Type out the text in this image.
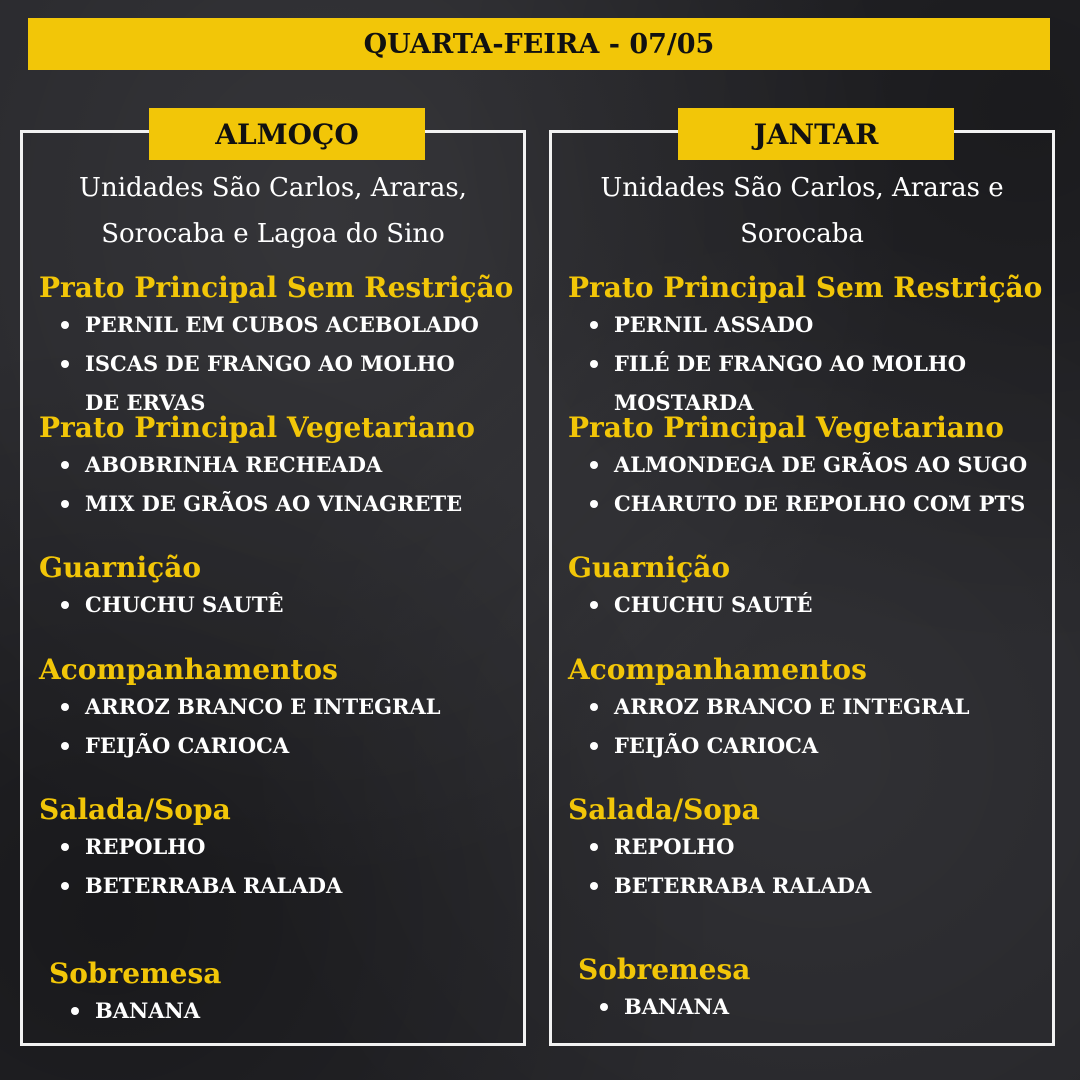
QUARTA-FEIRA - 07/05
ALMOÇO
Unidades São Carlos, Araras, Sorocaba e Lagoa do Sino
Prato Principal Sem Restrição
PERNIL EM CUBOS ACEBOLADO
ISCAS DE FRANGO AO MOLHO DE ERVAS
Prato Principal Vegetariano
ABOBRINHA RECHEADA
MIX DE GRÃOS AO VINAGRETE
Guarnição
CHUCHU SAUTÊ
Acompanhamentos
ARROZ BRANCO E INTEGRAL
FEIJÃO CARIOCA
Salada/Sopa
REPOLHO
BETERRABA RALADA
Sobremesa
BANANA
JANTAR
Unidades São Carlos, Araras e Sorocaba
Prato Principal Sem Restrição
PERNIL ASSADO
FILÉ DE FRANGO AO MOLHO MOSTARDA
Prato Principal Vegetariano
ALMONDEGA DE GRÃOS AO SUGO
CHARUTO DE REPOLHO COM PTS
Guarnição
CHUCHU SAUTÉ
Acompanhamentos
ARROZ BRANCO E INTEGRAL
FEIJÃO CARIOCA
Salada/Sopa
REPOLHO
BETERRABA RALADA
Sobremesa
BANANA
